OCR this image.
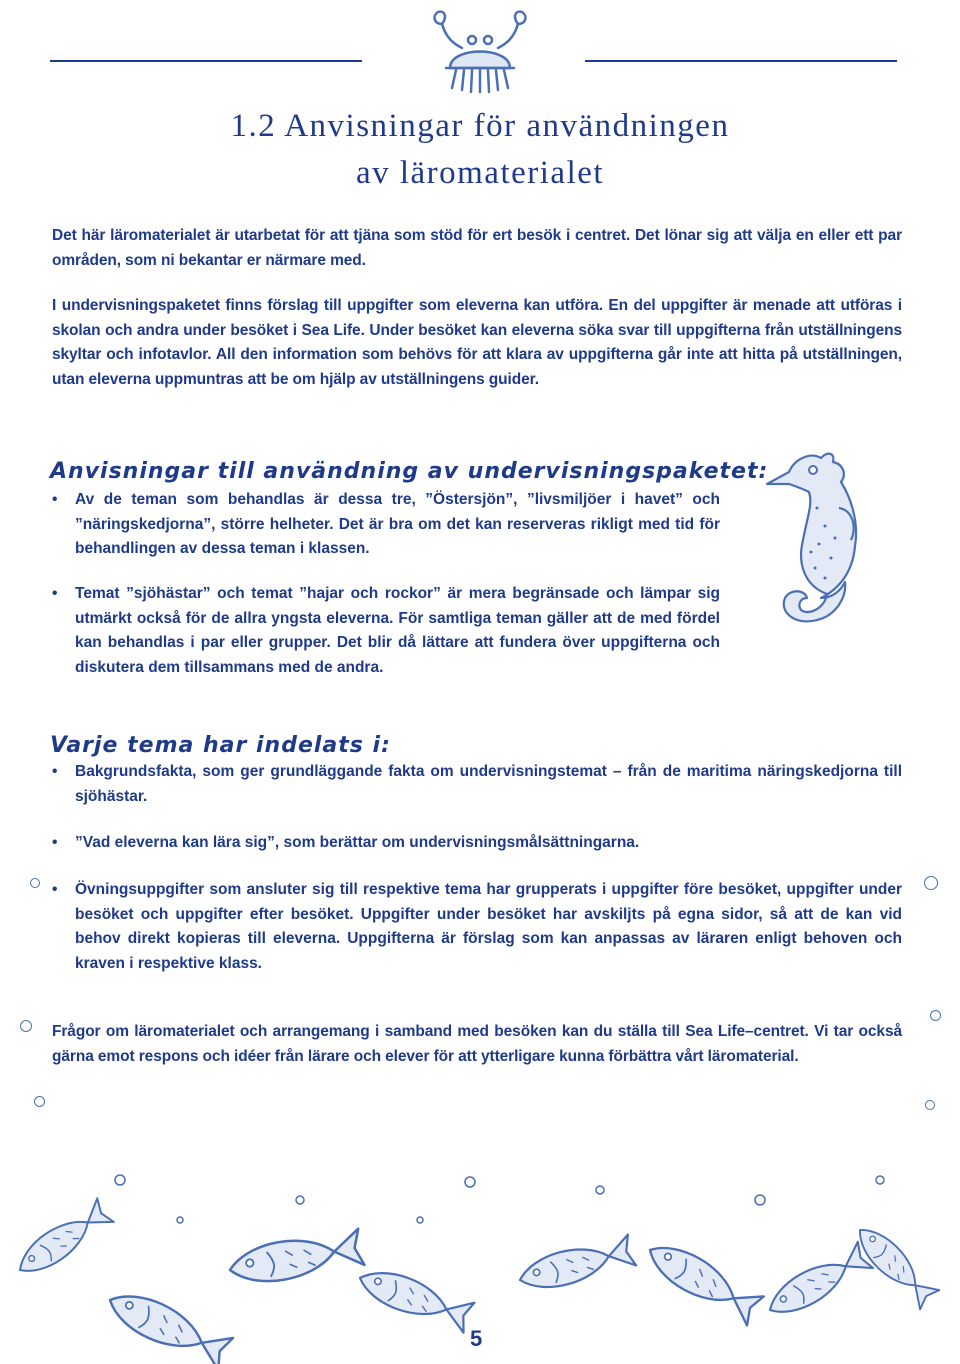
1.2 Anvisningar för användningen
av läromaterialet

Det här läromaterialet är utarbetat för att tjäna som stöd för ert besök i centret. Det lönar sig att välja en eller ett par områden, som ni bekantar er närmare med.

I undervisningspaketet finns förslag till uppgifter som eleverna kan utföra. En del uppgifter är menade att utföras i skolan och andra under besöket i Sea Life. Under besöket kan eleverna söka svar till uppgifterna från utställningens skyltar och infotavlor. All den information som behövs för att klara av uppgifterna går inte att hitta på utställningen, utan eleverna uppmuntras att be om hjälp av utställningens guider.

Anvisningar till användning av undervisningspaketet:
•	Av de teman som behandlas är dessa tre, ”Östersjön”, ”livsmiljöer i havet” och ”näringskedjorna”, större helheter. Det är bra om det kan reserveras rikligt med tid för behandlingen av dessa teman i klassen.
•	Temat ”sjöhästar” och temat ”hajar och rockor” är mera begränsade och lämpar sig utmärkt också för de allra yngsta eleverna. För samtliga teman gäller att de med fördel kan behandlas i par eller grupper. Det blir då lättare att fundera över uppgifterna och diskutera dem tillsammans med de andra.
Varje tema har indelats i:
•	Bakgrundsfakta, som ger grundläggande fakta om undervisningstemat – från de maritima näringskedjorna till sjöhästar.
•	”Vad eleverna kan lära sig”, som berättar om undervisningsmålsättningarna.
•	Övningsuppgifter som ansluter sig till respektive tema har grupperats i uppgifter före besöket, uppgifter under besöket och uppgifter efter besöket. Uppgifter under besöket har avskiljts på egna sidor, så att de kan vid behov direkt kopieras till eleverna. Uppgifterna är förslag som kan anpassas av läraren enligt behoven och kraven i respektive klass.

Frågor om läromaterialet och arrangemang i samband med besöken kan du ställa till Sea Life–centret. Vi tar också gärna emot respons och idéer från lärare och elever för att ytterligare kunna förbättra vårt läromaterial.

5
